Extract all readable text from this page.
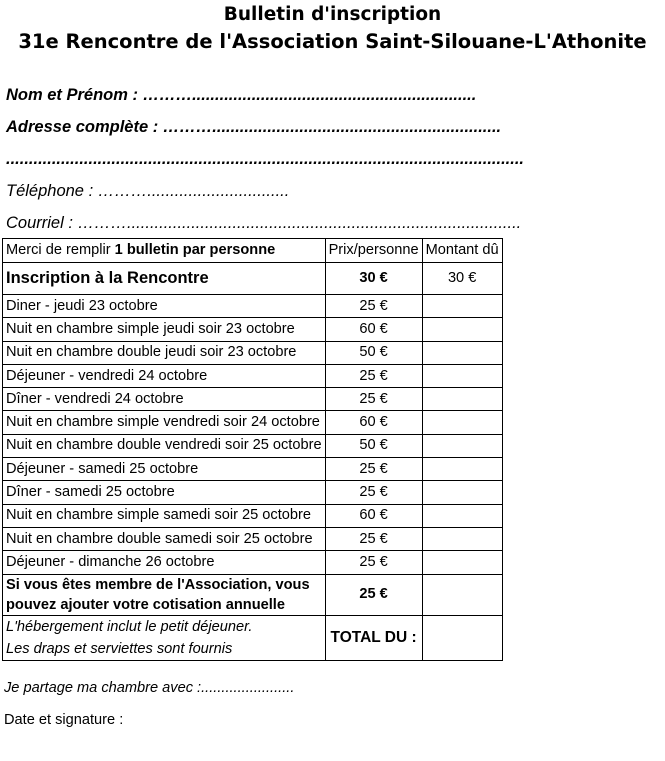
Bulletin d'inscription
31e Rencontre de l'Association Saint-Silouane-L'Athonite
Nom et Prénom : ………..............................................................
Adresse complète : ………...............................................................
.................................................................................................................
Téléphone : ………...............................
Courriel : ………......................................................................................
Merci de remplir 1 bulletin par personne	Prix/personne	Montant dû
Inscription à la Rencontre	30 €	30 €
Diner - jeudi 23 octobre	25 €	
Nuit en chambre simple jeudi soir 23 octobre	60 €	
Nuit en chambre double jeudi soir 23 octobre	50 €	
Déjeuner - vendredi 24 octobre	25 €	
Dîner - vendredi 24 octobre	25 €	
Nuit en chambre simple vendredi soir 24 octobre	60 €	
Nuit en chambre double vendredi soir 25 octobre	50 €	
Déjeuner - samedi 25 octobre	25 €	
Dîner - samedi 25 octobre	25 €	
Nuit en chambre simple samedi soir 25 octobre	60 €	
Nuit en chambre double samedi soir 25 octobre	25 €	
Déjeuner - dimanche 26 octobre	25 €	
Si vous êtes membre de l'Association, vous pouvez ajouter votre cotisation annuelle	25 €	
L'hébergement inclut le petit déjeuner.
Les draps et serviettes sont fournis	TOTAL DU :	
Je partage ma chambre avec :.......................
Date et signature :
